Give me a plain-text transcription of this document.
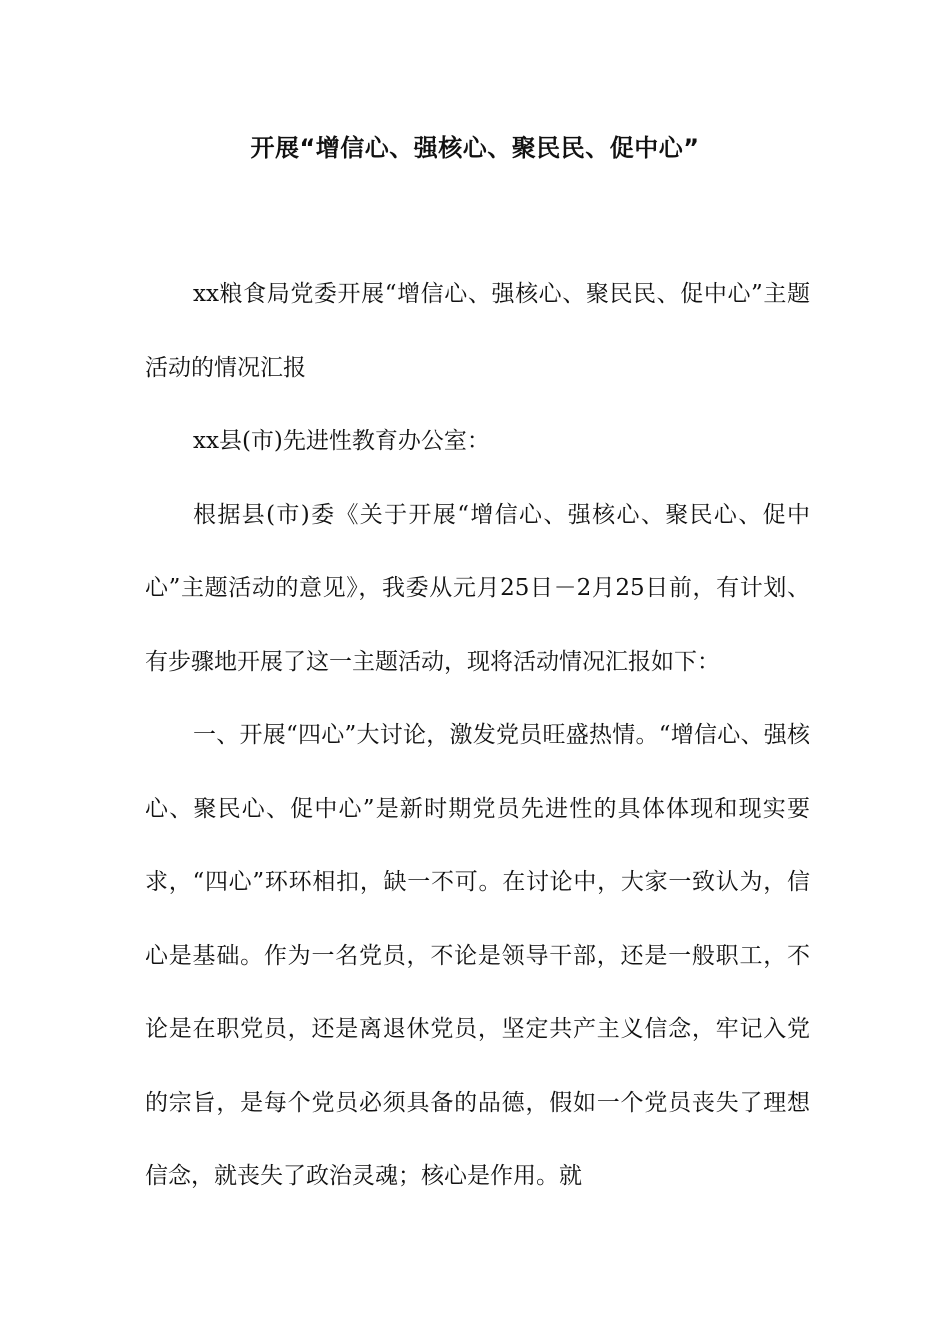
开展“增信心、强核心、聚民民、促中心”

xx粮食局党委开展“增信心、强核心、聚民民、促中心”主题活动的情况汇报

xx县(市)先进性教育办公室：

根据县(市)委《关于开展“增信心、强核心、聚民心、促中心”主题活动的意见》，我委从元月25日－2月25日前，有计划、有步骤地开展了这一主题活动，现将活动情况汇报如下：

一、开展“四心”大讨论，激发党员旺盛热情。“增信心、强核心、聚民心、促中心”是新时期党员先进性的具体体现和现实要求，“四心”环环相扣，缺一不可。在讨论中，大家一致认为，信心是基础。作为一名党员，不论是领导干部，还是一般职工，不论是在职党员，还是离退休党员，坚定共产主义信念，牢记入党的宗旨，是每个党员必须具备的品德，假如一个党员丧失了理想信念，就丧失了政治灵魂；核心是作用。就
